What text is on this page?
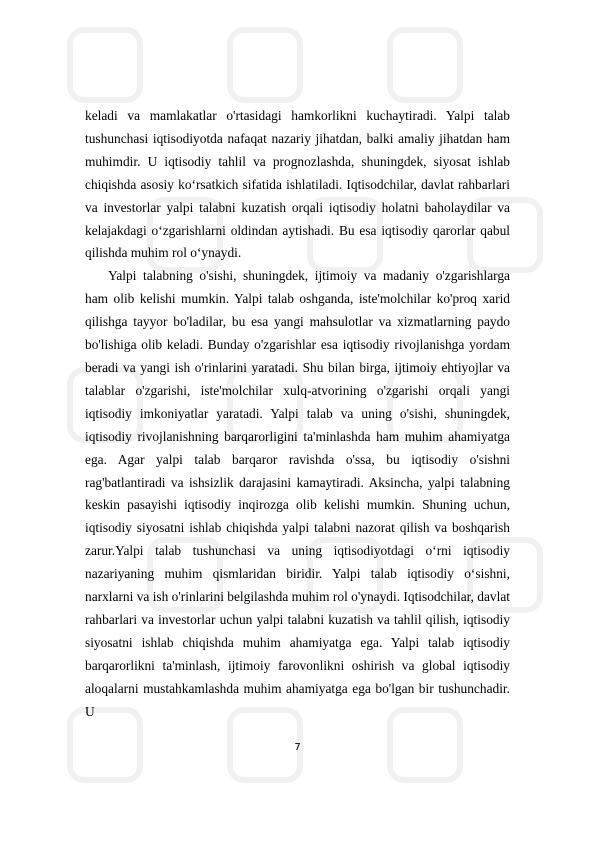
keladi va mamlakatlar o'rtasidagi hamkorlikni kuchaytiradi. Yalpi talab tushunchasi iqtisodiyotda nafaqat nazariy jihatdan, balki amaliy jihatdan ham muhimdir. U iqtisodiy tahlil va prognozlashda, shuningdek, siyosat ishlab chiqishda asosiy ko‘rsatkich sifatida ishlatiladi. Iqtisodchilar, davlat rahbarlari va investorlar yalpi talabni kuzatish orqali iqtisodiy holatni baholaydilar va kelajakdagi o‘zgarishlarni oldindan aytishadi. Bu esa iqtisodiy qarorlar qabul qilishda muhim rol o‘ynaydi.

Yalpi talabning o'sishi, shuningdek, ijtimoiy va madaniy o'zgarishlarga ham olib kelishi mumkin. Yalpi talab oshganda, iste'molchilar ko'proq xarid qilishga tayyor bo'ladilar, bu esa yangi mahsulotlar va xizmatlarning paydo bo'lishiga olib keladi. Bunday o'zgarishlar esa iqtisodiy rivojlanishga yordam beradi va yangi ish o'rinlarini yaratadi. Shu bilan birga, ijtimoiy ehtiyojlar va talablar o'zgarishi, iste'molchilar xulq-atvorining o'zgarishi orqali yangi iqtisodiy imkoniyatlar yaratadi. Yalpi talab va uning o'sishi, shuningdek, iqtisodiy rivojlanishning barqarorligini ta'minlashda ham muhim ahamiyatga ega. Agar yalpi talab barqaror ravishda o'ssa, bu iqtisodiy o'sishni rag'batlantiradi va ishsizlik darajasini kamaytiradi. Aksincha, yalpi talabning keskin pasayishi iqtisodiy inqirozga olib kelishi mumkin. Shuning uchun, iqtisodiy siyosatni ishlab chiqishda yalpi talabni nazorat qilish va boshqarish zarur.Yalpi talab tushunchasi va uning iqtisodiyotdagi o‘rni iqtisodiy nazariyaning muhim qismlaridan biridir. Yalpi talab iqtisodiy o‘sishni, narxlarni va ish o'rinlarini belgilashda muhim rol o'ynaydi. Iqtisodchilar, davlat rahbarlari va investorlar uchun yalpi talabni kuzatish va tahlil qilish, iqtisodiy siyosatni ishlab chiqishda muhim ahamiyatga ega. Yalpi talab iqtisodiy barqarorlikni ta'minlash, ijtimoiy farovonlikni oshirish va global iqtisodiy aloqalarni mustahkamlashda muhim ahamiyatga ega bo'lgan bir tushunchadir. U

7
